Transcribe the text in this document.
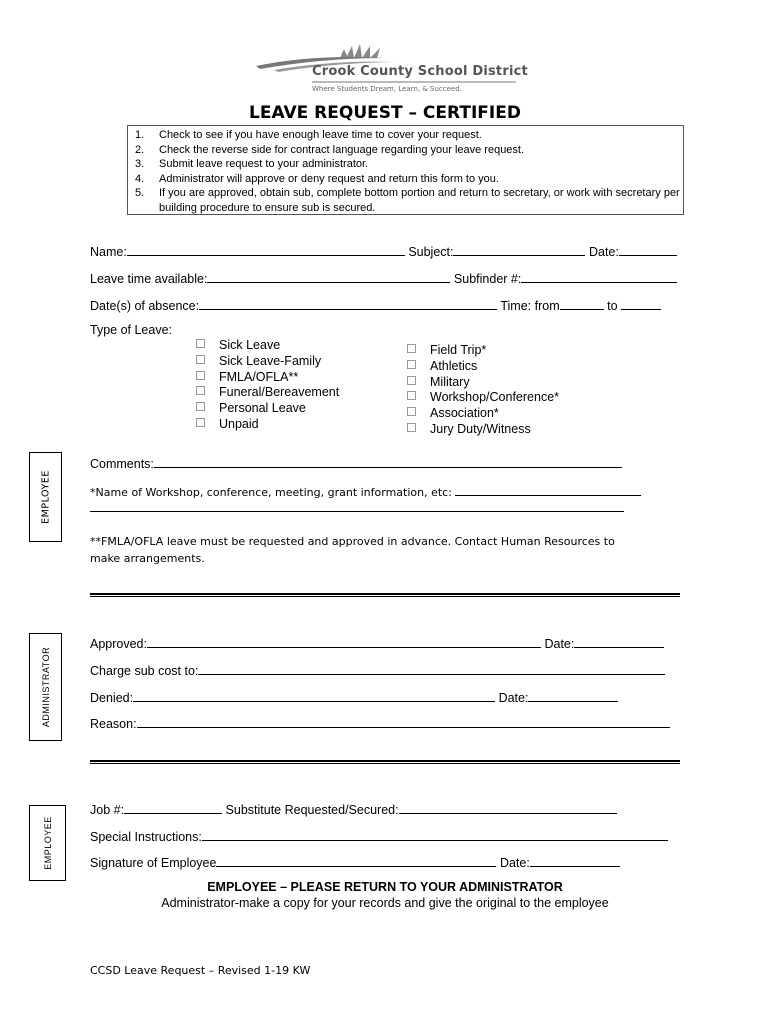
Crook County School District
Where Students Dream, Learn, & Succeed.
LEAVE REQUEST – CERTIFIED
1.	Check to see if you have enough leave time to cover your request.
2.	Check the reverse side for contract language regarding your leave request.
3.	Submit leave request to your administrator.
4.	Administrator will approve or deny request and return this form to you.
5.	If you are approved, obtain sub, complete bottom portion and return to secretary, or work with secretary per building procedure to ensure sub is secured.
Name:	Subject:	Date:
Leave time available:	Subfinder #:
Date(s) of absence:	Time: from	to
Type of Leave:
Sick Leave
Sick Leave-Family
FMLA/OFLA**
Funeral/Bereavement
Personal Leave
Unpaid
Field Trip*
Athletics
Military
Workshop/Conference*
Association*
Jury Duty/Witness
Comments:
*Name of Workshop, conference, meeting, grant information, etc:
**FMLA/OFLA leave must be requested and approved in advance. Contact Human Resources to make arrangements.
EMPLOYEE
Approved:	Date:
Charge sub cost to:
Denied:	Date:
Reason:
ADMINISTRATOR
Job #:	Substitute Requested/Secured:
Special Instructions:
Signature of Employee	Date:
EMPLOYEE
EMPLOYEE – PLEASE RETURN TO YOUR ADMINISTRATOR
Administrator-make a copy for your records and give the original to the employee
CCSD Leave Request – Revised 1-19 KW
